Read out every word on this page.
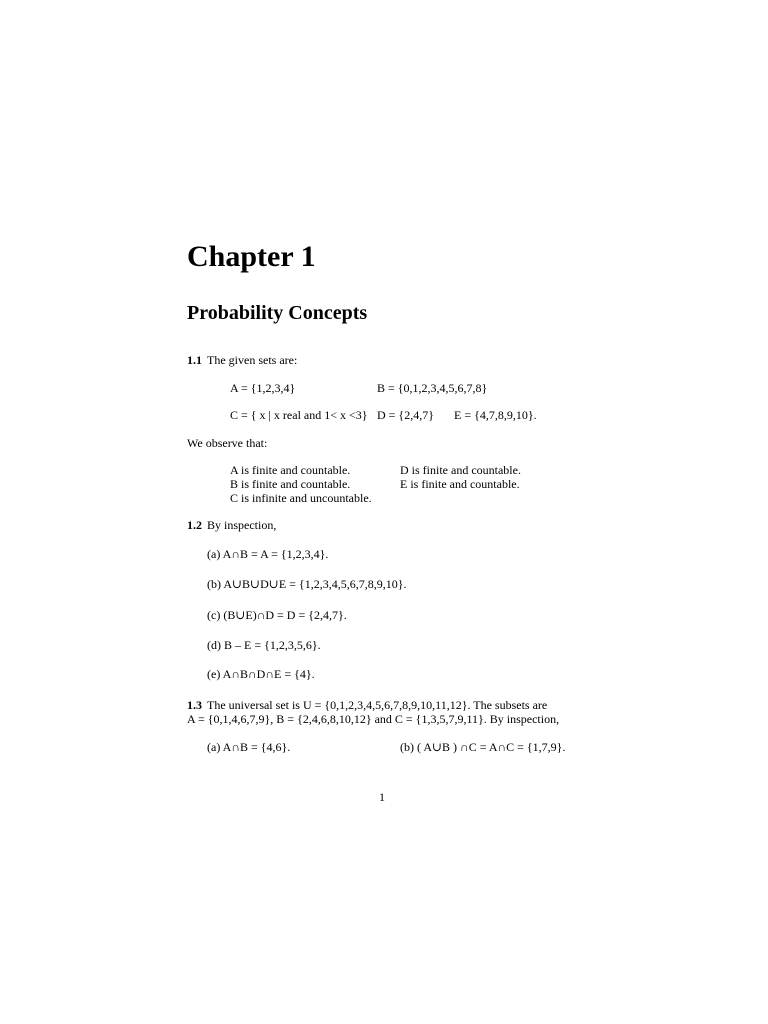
Chapter 1
Probability Concepts
1.1 The given sets are:
A = {1,2,3,4}	B = {0,1,2,3,4,5,6,7,8}
C = { x | x real and 1< x <3} D = {2,4,7} E = {4,7,8,9,10}.
We observe that:
A is finite and countable.
B is finite and countable.
C is infinite and uncountable.
D is finite and countable.
E is finite and countable.
1.2 By inspection,
(a) A∩B = A = {1,2,3,4}.
(b) A∪B∪D∪E = {1,2,3,4,5,6,7,8,9,10}.
(c) (B∪E)∩D = D = {2,4,7}.
(d) B – E = {1,2,3,5,6}.
(e) A∩B∩D∩E = {4}.
1.3 The universal set is U = {0,1,2,3,4,5,6,7,8,9,10,11,12}. The subsets are
A = {0,1,4,6,7,9}, B = {2,4,6,8,10,12} and C = {1,3,5,7,9,11}. By inspection,
(a) A∩B = {4,6}.	(b) ( A∪B ) ∩C = A∩C = {1,7,9}.
1
